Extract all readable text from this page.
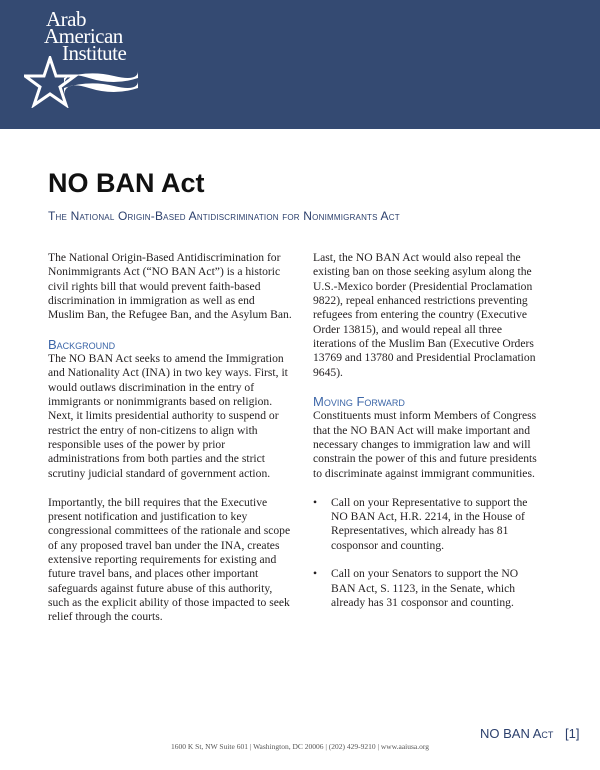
Arab
American
Institute
NO BAN Act
The National Origin-Based Antidiscrimination for Nonimmigrants Act

The National Origin-Based Antidiscrimination for Nonimmigrants Act (“NO BAN Act”) is a historic civil rights bill that would prevent faith-based discrimination in immigration as well as end Muslim Ban, the Refugee Ban, and the Asylum Ban.

Background

The NO BAN Act seeks to amend the Immigration and Nationality Act (INA) in two key ways. First, it would outlaws discrimination in the entry of immigrants or nonimmigrants based on religion. Next, it limits presidential authority to suspend or restrict the entry of non-citizens to align with responsible uses of the power by prior administrations from both parties and the strict scrutiny judicial standard of government action.

Importantly, the bill requires that the Executive present notification and justification to key congressional committees of the rationale and scope of any proposed travel ban under the INA, creates extensive reporting requirements for existing and future travel bans, and places other important safeguards against future abuse of this authority, such as the explicit ability of those impacted to seek relief through the courts.

Last, the NO BAN Act would also repeal the existing ban on those seeking asylum along the U.S.-Mexico border (Presidential Proclamation 9822), repeal enhanced restrictions preventing refugees from entering the country (Executive Order 13815), and would repeal all three iterations of the Muslim Ban (Executive Orders 13769 and 13780 and Presidential Proclamation 9645).

Moving Forward

Constituents must inform Members of Congress that the NO BAN Act will make important and necessary changes to immigration law and will constrain the power of this and future presidents to discriminate against immigrant communities.

• Call on your Representative to support the NO BAN Act, H.R. 2214, in the House of Representatives, which already has 81 cosponsor and counting.
• Call on your Senators to support the NO BAN Act, S. 1123, in the Senate, which already has 31 cosponsor and counting.
NO BAN Act [1]
1600 K St, NW Suite 601 | Washington, DC 20006 | (202) 429-9210 | www.aaiusa.org
